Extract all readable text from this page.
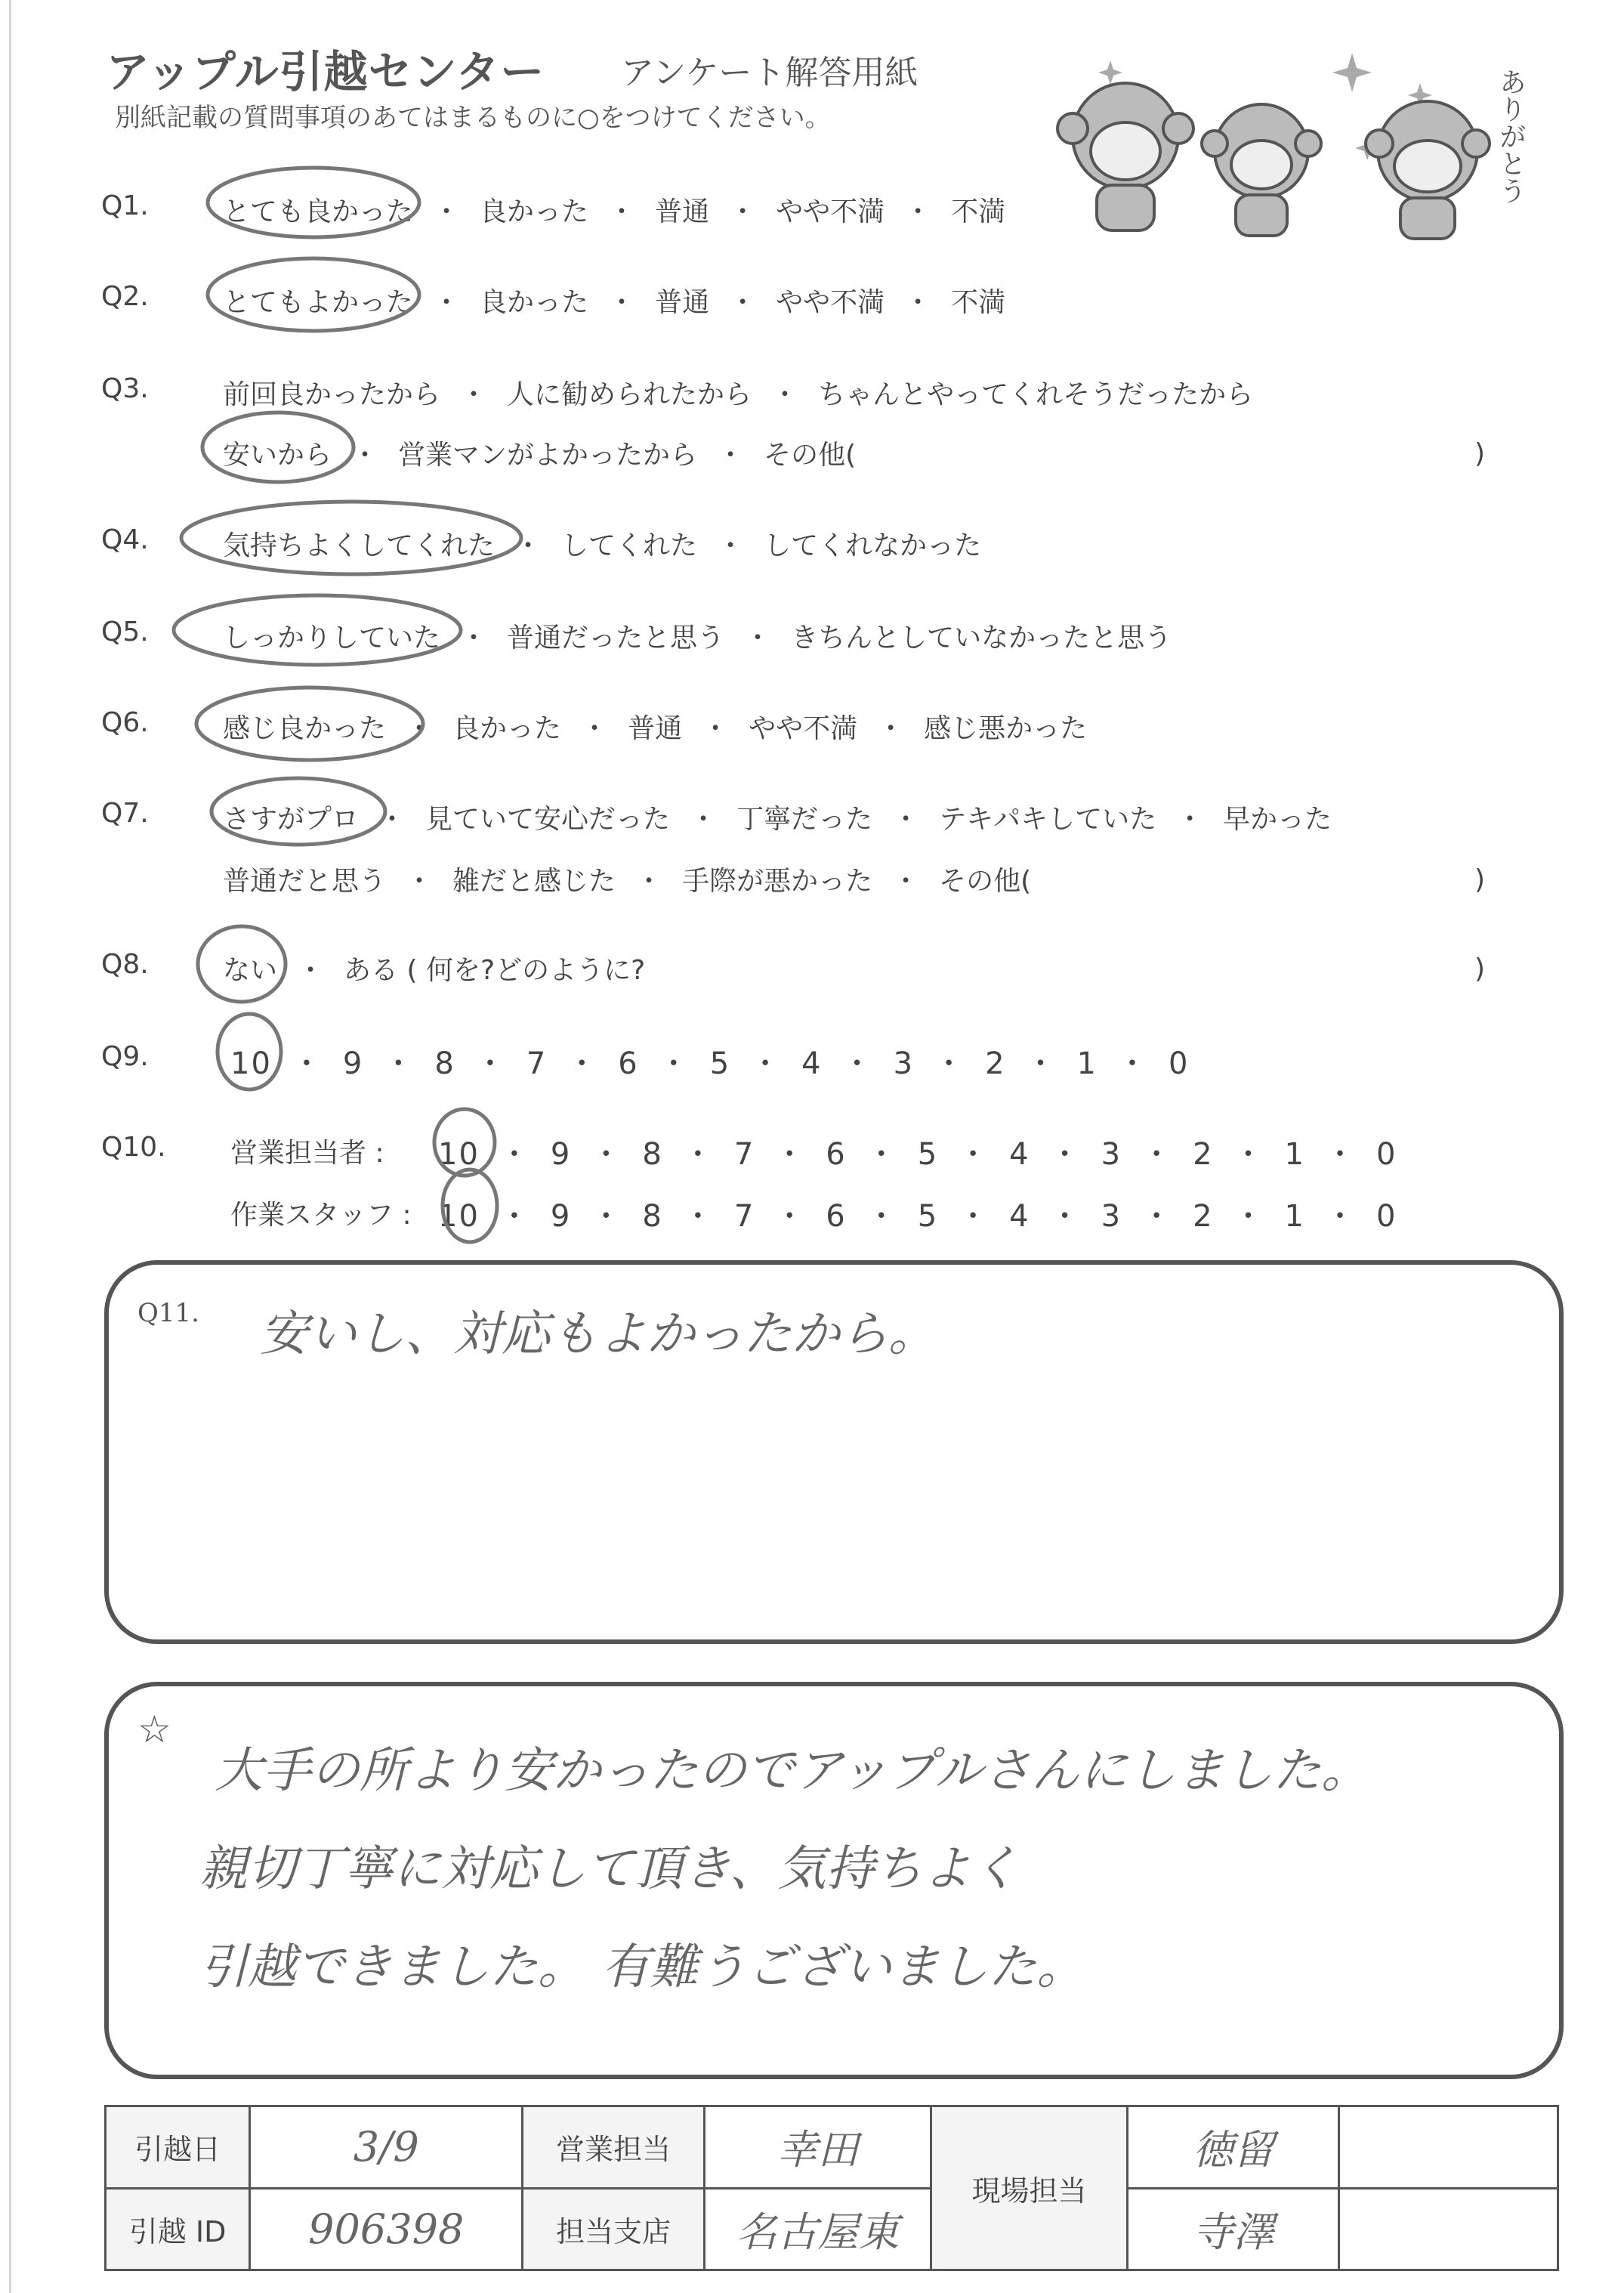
アップル引越センター アンケート解答用紙
別紙記載の質問事項のあてはまるものに○をつけてください。	ありがとう
Q1.	とても良かった ・ 良かった ・ 普通 ・ やや不満 ・ 不満
Q2.	とてもよかった ・ 良かった ・ 普通 ・ やや不満 ・ 不満
Q3.	前回良かったから ・ 人に勧められたから ・ ちゃんとやってくれそうだったから
安いから ・ 営業マンがよかったから ・ その他(	)
Q4.	気持ちよくしてくれた ・ してくれた ・ してくれなかった
Q5.	しっかりしていた ・ 普通だったと思う ・ きちんとしていなかったと思う
Q6.	感じ良かった ・ 良かった ・ 普通 ・ やや不満 ・ 感じ悪かった
Q7.	さすがプロ ・ 見ていて安心だった ・ 丁寧だった ・ テキパキしていた ・ 早かった
普通だと思う ・ 雑だと感じた ・ 手際が悪かった ・ その他(	)
Q8.	ない ・ ある ( 何を?どのように?	)
Q9.	10 ・ 9 ・ 8 ・ 7 ・ 6 ・ 5 ・ 4 ・ 3 ・ 2 ・ 1 ・ 0
Q10. 営業担当者 : 10 ・ 9 ・ 8 ・ 7 ・ 6 ・ 5 ・ 4 ・ 3 ・ 2 ・ 1 ・ 0
作業スタッフ : 10 ・ 9 ・ 8 ・ 7 ・ 6 ・ 5 ・ 4 ・ 3 ・ 2 ・ 1 ・ 0
Q11. 安いし、対応もよかったから。
☆
大手の所より安かったのでアップルさんにしました。
親切丁寧に対応して頂き、気持ちよく
引越できました。 有難うございました。
引越日	3/9	営業担当	幸田	現場担当	徳留	
引越 ID	906398	担当支店	名古屋東		寺澤	
